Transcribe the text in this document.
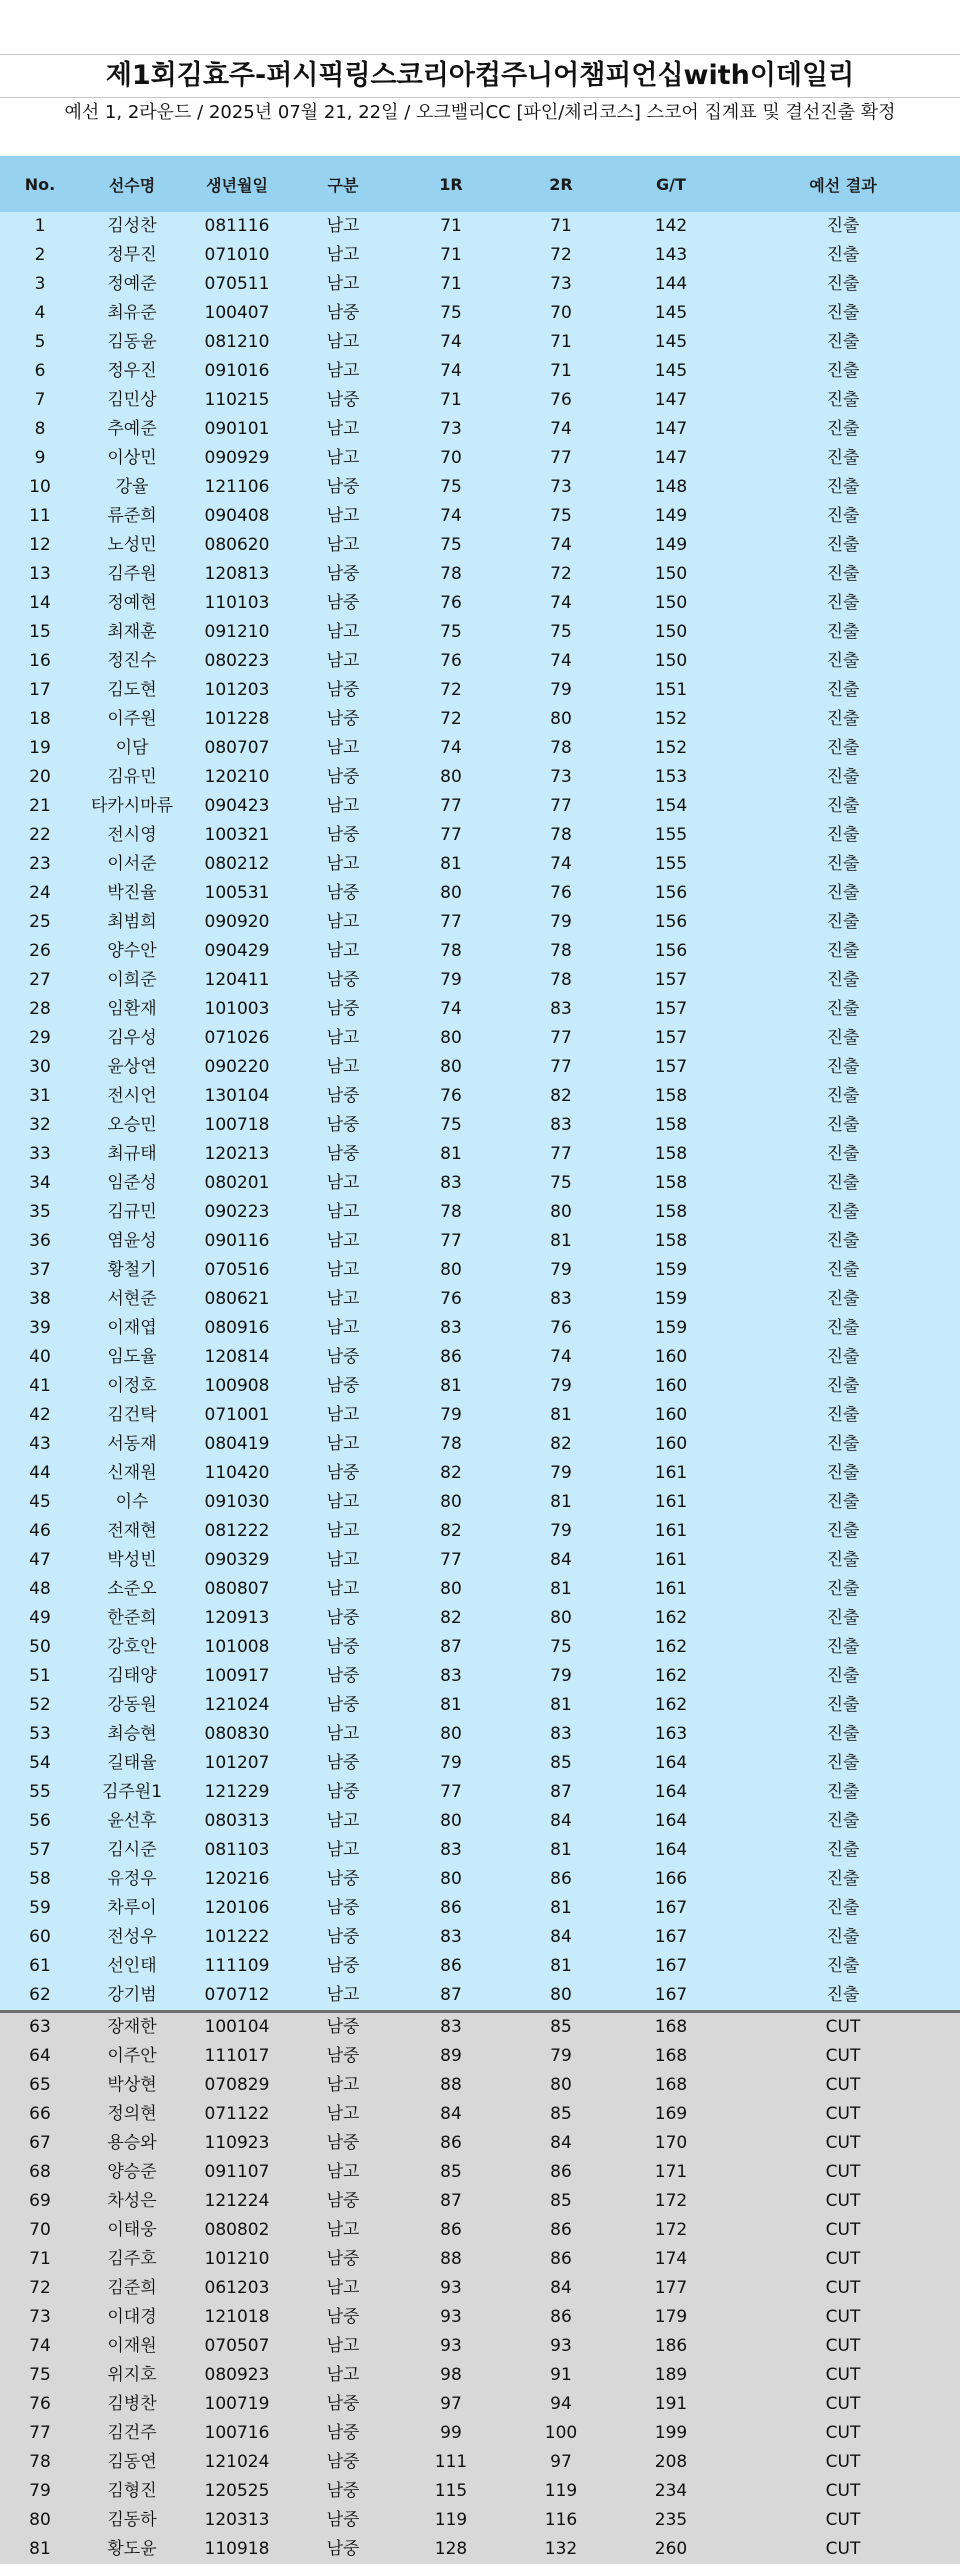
제1회김효주-퍼시픽링스코리아컵주니어챔피언십with이데일리
예선 1, 2라운드 / 2025년 07월 21, 22일 / 오크밸리CC [파인/체리코스] 스코어 집계표 및 결선진출 확정
No.	선수명	생년월일	구분	1R	2R	G/T	예선 결과
1	김성찬	081116	남고	71	71	142	진출
2	정무진	071010	남고	71	72	143	진출
3	정예준	070511	남고	71	73	144	진출
4	최유준	100407	남중	75	70	145	진출
5	김동윤	081210	남고	74	71	145	진출
6	정우진	091016	남고	74	71	145	진출
7	김민상	110215	남중	71	76	147	진출
8	추예준	090101	남고	73	74	147	진출
9	이상민	090929	남고	70	77	147	진출
10	강율	121106	남중	75	73	148	진출
11	류준희	090408	남고	74	75	149	진출
12	노성민	080620	남고	75	74	149	진출
13	김주원	120813	남중	78	72	150	진출
14	정예현	110103	남중	76	74	150	진출
15	최재훈	091210	남고	75	75	150	진출
16	정진수	080223	남고	76	74	150	진출
17	김도현	101203	남중	72	79	151	진출
18	이주원	101228	남중	72	80	152	진출
19	이담	080707	남고	74	78	152	진출
20	김유민	120210	남중	80	73	153	진출
21	타카시마류	090423	남고	77	77	154	진출
22	전시영	100321	남중	77	78	155	진출
23	이서준	080212	남고	81	74	155	진출
24	박진율	100531	남중	80	76	156	진출
25	최범희	090920	남고	77	79	156	진출
26	양수안	090429	남고	78	78	156	진출
27	이희준	120411	남중	79	78	157	진출
28	임환재	101003	남중	74	83	157	진출
29	김우성	071026	남고	80	77	157	진출
30	윤상연	090220	남고	80	77	157	진출
31	전시언	130104	남중	76	82	158	진출
32	오승민	100718	남중	75	83	158	진출
33	최규태	120213	남중	81	77	158	진출
34	임준성	080201	남고	83	75	158	진출
35	김규민	090223	남고	78	80	158	진출
36	염윤성	090116	남고	77	81	158	진출
37	황철기	070516	남고	80	79	159	진출
38	서현준	080621	남고	76	83	159	진출
39	이재엽	080916	남고	83	76	159	진출
40	임도율	120814	남중	86	74	160	진출
41	이정호	100908	남중	81	79	160	진출
42	김건탁	071001	남고	79	81	160	진출
43	서동재	080419	남고	78	82	160	진출
44	신재원	110420	남중	82	79	161	진출
45	이수	091030	남고	80	81	161	진출
46	전재현	081222	남고	82	79	161	진출
47	박성빈	090329	남고	77	84	161	진출
48	소준오	080807	남고	80	81	161	진출
49	한준희	120913	남중	82	80	162	진출
50	강호안	101008	남중	87	75	162	진출
51	김태양	100917	남중	83	79	162	진출
52	강동원	121024	남중	81	81	162	진출
53	최승현	080830	남고	80	83	163	진출
54	길태율	101207	남중	79	85	164	진출
55	김주원1	121229	남중	77	87	164	진출
56	윤선후	080313	남고	80	84	164	진출
57	김시준	081103	남고	83	81	164	진출
58	유정우	120216	남중	80	86	166	진출
59	차루이	120106	남중	86	81	167	진출
60	전성우	101222	남중	83	84	167	진출
61	선인태	111109	남중	86	81	167	진출
62	강기범	070712	남고	87	80	167	진출
63	장재한	100104	남중	83	85	168	CUT
64	이주안	111017	남중	89	79	168	CUT
65	박상현	070829	남고	88	80	168	CUT
66	정의현	071122	남고	84	85	169	CUT
67	용승와	110923	남중	86	84	170	CUT
68	양승준	091107	남고	85	86	171	CUT
69	차성은	121224	남중	87	85	172	CUT
70	이태웅	080802	남고	86	86	172	CUT
71	김주호	101210	남중	88	86	174	CUT
72	김준희	061203	남고	93	84	177	CUT
73	이대경	121018	남중	93	86	179	CUT
74	이재원	070507	남고	93	93	186	CUT
75	위지호	080923	남고	98	91	189	CUT
76	김병찬	100719	남중	97	94	191	CUT
77	김건주	100716	남중	99	100	199	CUT
78	김동연	121024	남중	111	97	208	CUT
79	김형진	120525	남중	115	119	234	CUT
80	김동하	120313	남중	119	116	235	CUT
81	황도윤	110918	남중	128	132	260	CUT
